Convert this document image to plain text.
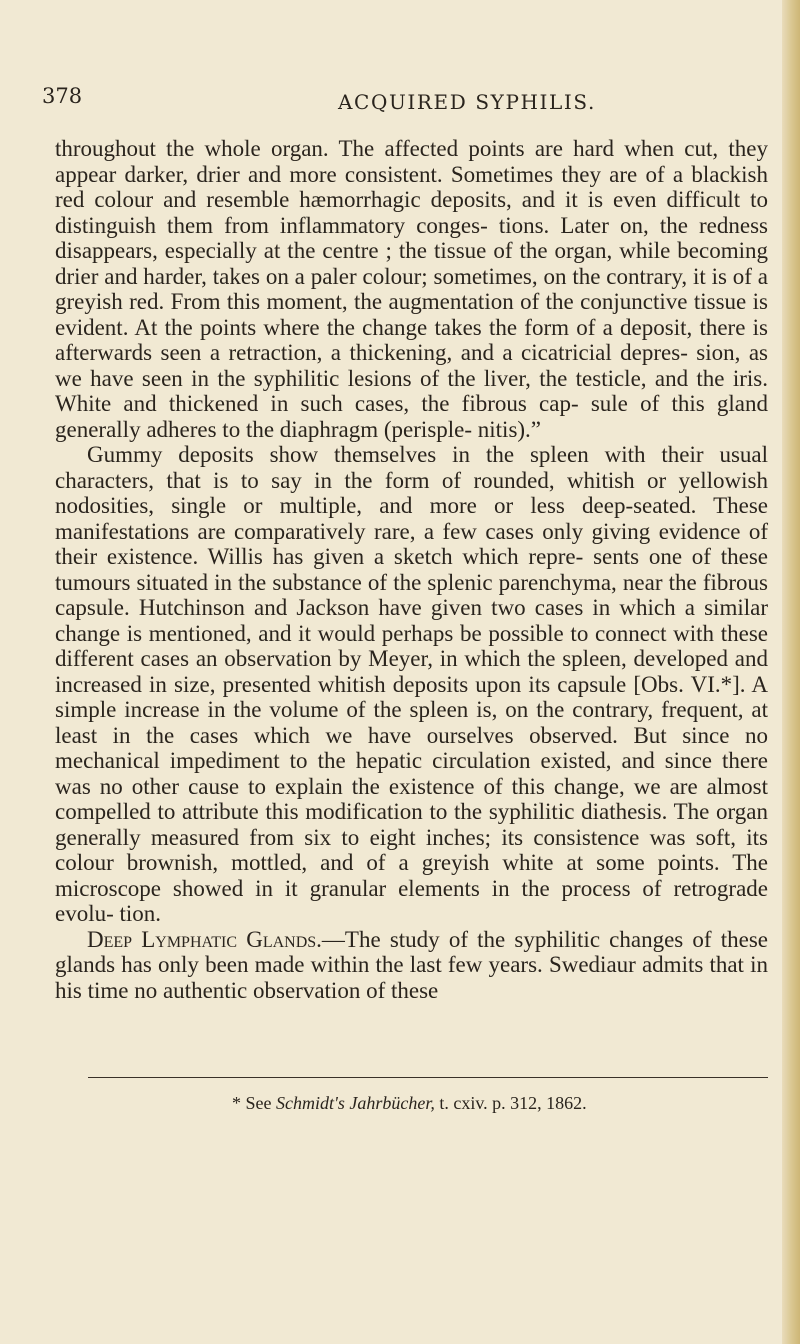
378	ACQUIRED SYPHILIS.

throughout the whole organ. The affected points are hard when cut, they appear darker, drier and more consistent. Sometimes they are of a blackish red colour and resemble hæmorrhagic deposits, and it is even difficult to distinguish them from inflammatory conges- tions. Later on, the redness disappears, especially at the centre ; the tissue of the organ, while becoming drier and harder, takes on a paler colour; sometimes, on the contrary, it is of a greyish red. From this moment, the augmentation of the conjunctive tissue is evident. At the points where the change takes the form of a deposit, there is afterwards seen a retraction, a thickening, and a cicatricial depres- sion, as we have seen in the syphilitic lesions of the liver, the testicle, and the iris. White and thickened in such cases, the fibrous cap- sule of this gland generally adheres to the diaphragm (perisple- nitis).”

Gummy deposits show themselves in the spleen with their usual characters, that is to say in the form of rounded, whitish or yellowish nodosities, single or multiple, and more or less deep-seated. These manifestations are comparatively rare, a few cases only giving evidence of their existence. Willis has given a sketch which repre- sents one of these tumours situated in the substance of the splenic parenchyma, near the fibrous capsule. Hutchinson and Jackson have given two cases in which a similar change is mentioned, and it would perhaps be possible to connect with these different cases an observation by Meyer, in which the spleen, developed and increased in size, presented whitish deposits upon its capsule [Obs. VI.*]. A simple increase in the volume of the spleen is, on the contrary, frequent, at least in the cases which we have ourselves observed. But since no mechanical impediment to the hepatic circulation existed, and since there was no other cause to explain the existence of this change, we are almost compelled to attribute this modification to the syphilitic diathesis. The organ generally measured from six to eight inches; its consistence was soft, its colour brownish, mottled, and of a greyish white at some points. The microscope showed in it granular elements in the process of retrograde evolu- tion.

Deep Lymphatic Glands.—The study of the syphilitic changes of these glands has only been made within the last few years. Swediaur admits that in his time no authentic observation of these

* See Schmidt's Jahrbücher, t. cxiv. p. 312, 1862.
